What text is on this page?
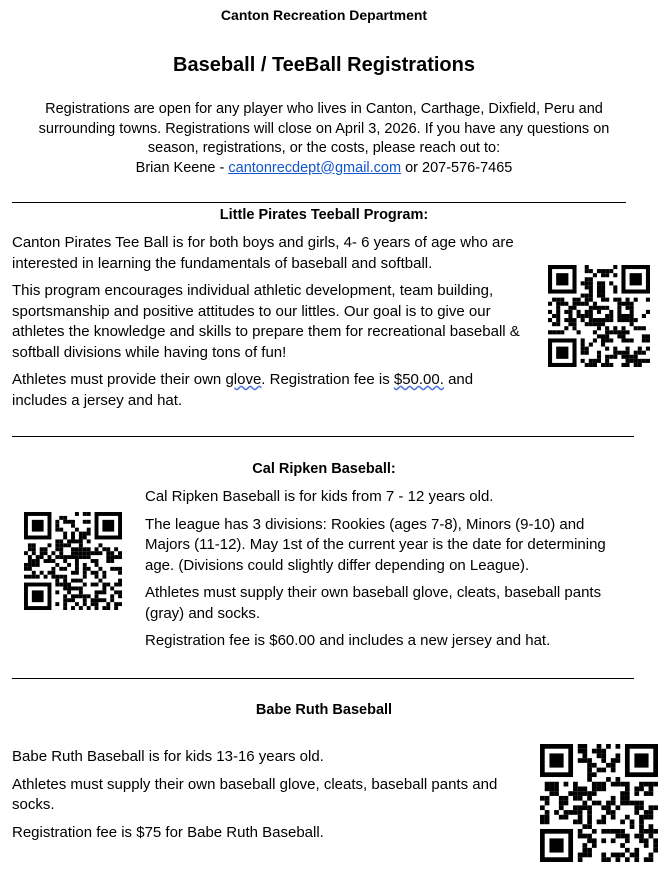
Canton Recreation Department
Baseball / TeeBall Registrations
Registrations are open for any player who lives in Canton, Carthage, Dixfield, Peru and surrounding towns. Registrations will close on April 3, 2026. If you have any questions on season, registrations, or the costs, please reach out to:
Brian Keene - cantonrecdept@gmail.com or 207-576-7465
Little Pirates Teeball Program:

Canton Pirates Tee Ball is for both boys and girls, 4- 6 years of age who are interested in learning the fundamentals of baseball and softball.

This program encourages individual athletic development, team building, sportsmanship and positive attitudes to our littles. Our goal is to give our athletes the knowledge and skills to prepare them for recreational baseball & softball divisions while having tons of fun!

Athletes must provide their own glove. Registration fee is $50.00. and includes a jersey and hat.

Cal Ripken Baseball:

Cal Ripken Baseball is for kids from 7 - 12 years old.

The league has 3 divisions: Rookies (ages 7-8), Minors (9-10) and Majors (11-12). May 1st of the current year is the date for determining age. (Divisions could slightly differ depending on League).

Athletes must supply their own baseball glove, cleats, baseball pants (gray) and socks.

Registration fee is $60.00 and includes a new jersey and hat.

Babe Ruth Baseball

Babe Ruth Baseball is for kids 13-16 years old.

Athletes must supply their own baseball glove, cleats, baseball pants and socks.

Registration fee is $75 for Babe Ruth Baseball.
